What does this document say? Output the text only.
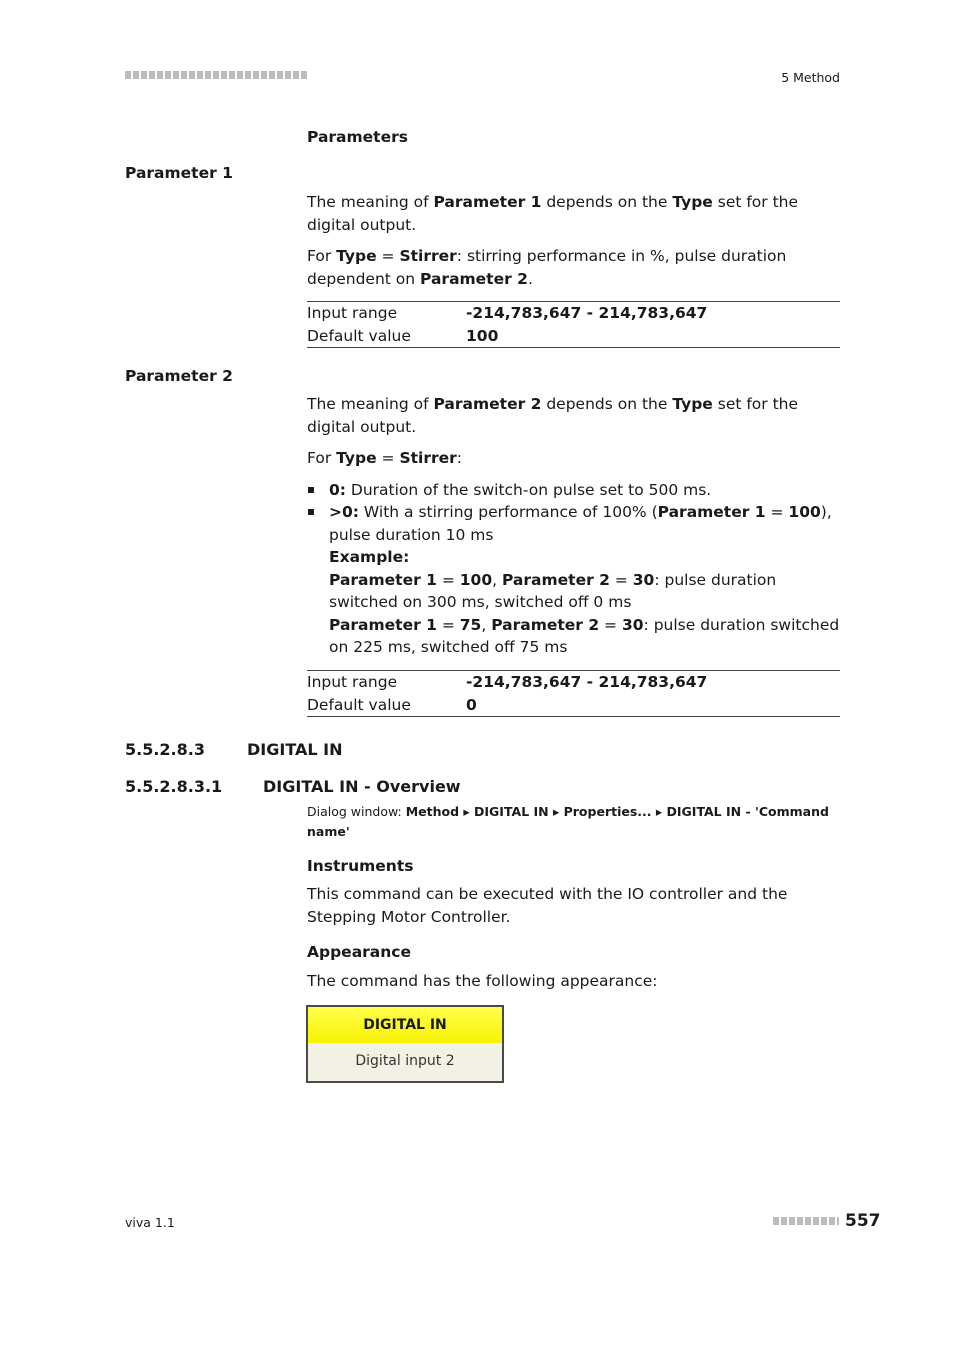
5 Method
Parameters
Parameter 1

The meaning of Parameter 1 depends on the Type set for the digital output.

For Type = Stirrer: stirring performance in %, pulse duration dependent on Parameter 2.

Input range	-214,783,647 - 214,783,647
Default value	100
Parameter 2

The meaning of Parameter 2 depends on the Type set for the digital output.

For Type = Stirrer:

0: Duration of the switch-on pulse set to 500 ms.
>0: With a stirring performance of 100% (Parameter 1 = 100), pulse duration 10 ms
Example:
Parameter 1 = 100, Parameter 2 = 30: pulse duration switched on 300 ms, switched off 0 ms
Parameter 1 = 75, Parameter 2 = 30: pulse duration switched on 225 ms, switched off 75 ms
Input range	-214,783,647 - 214,783,647
Default value	0
5.5.2.8.3	DIGITAL IN
5.5.2.8.3.1	DIGITAL IN - Overview
Dialog window: Method ▸ DIGITAL IN ▸ Properties... ▸ DIGITAL IN - 'Command name'
Instruments
This command can be executed with the IO controller and the Stepping Motor Controller.
Appearance
The command has the following appearance:
DIGITAL IN
Digital input 2
viva 1.1	557
